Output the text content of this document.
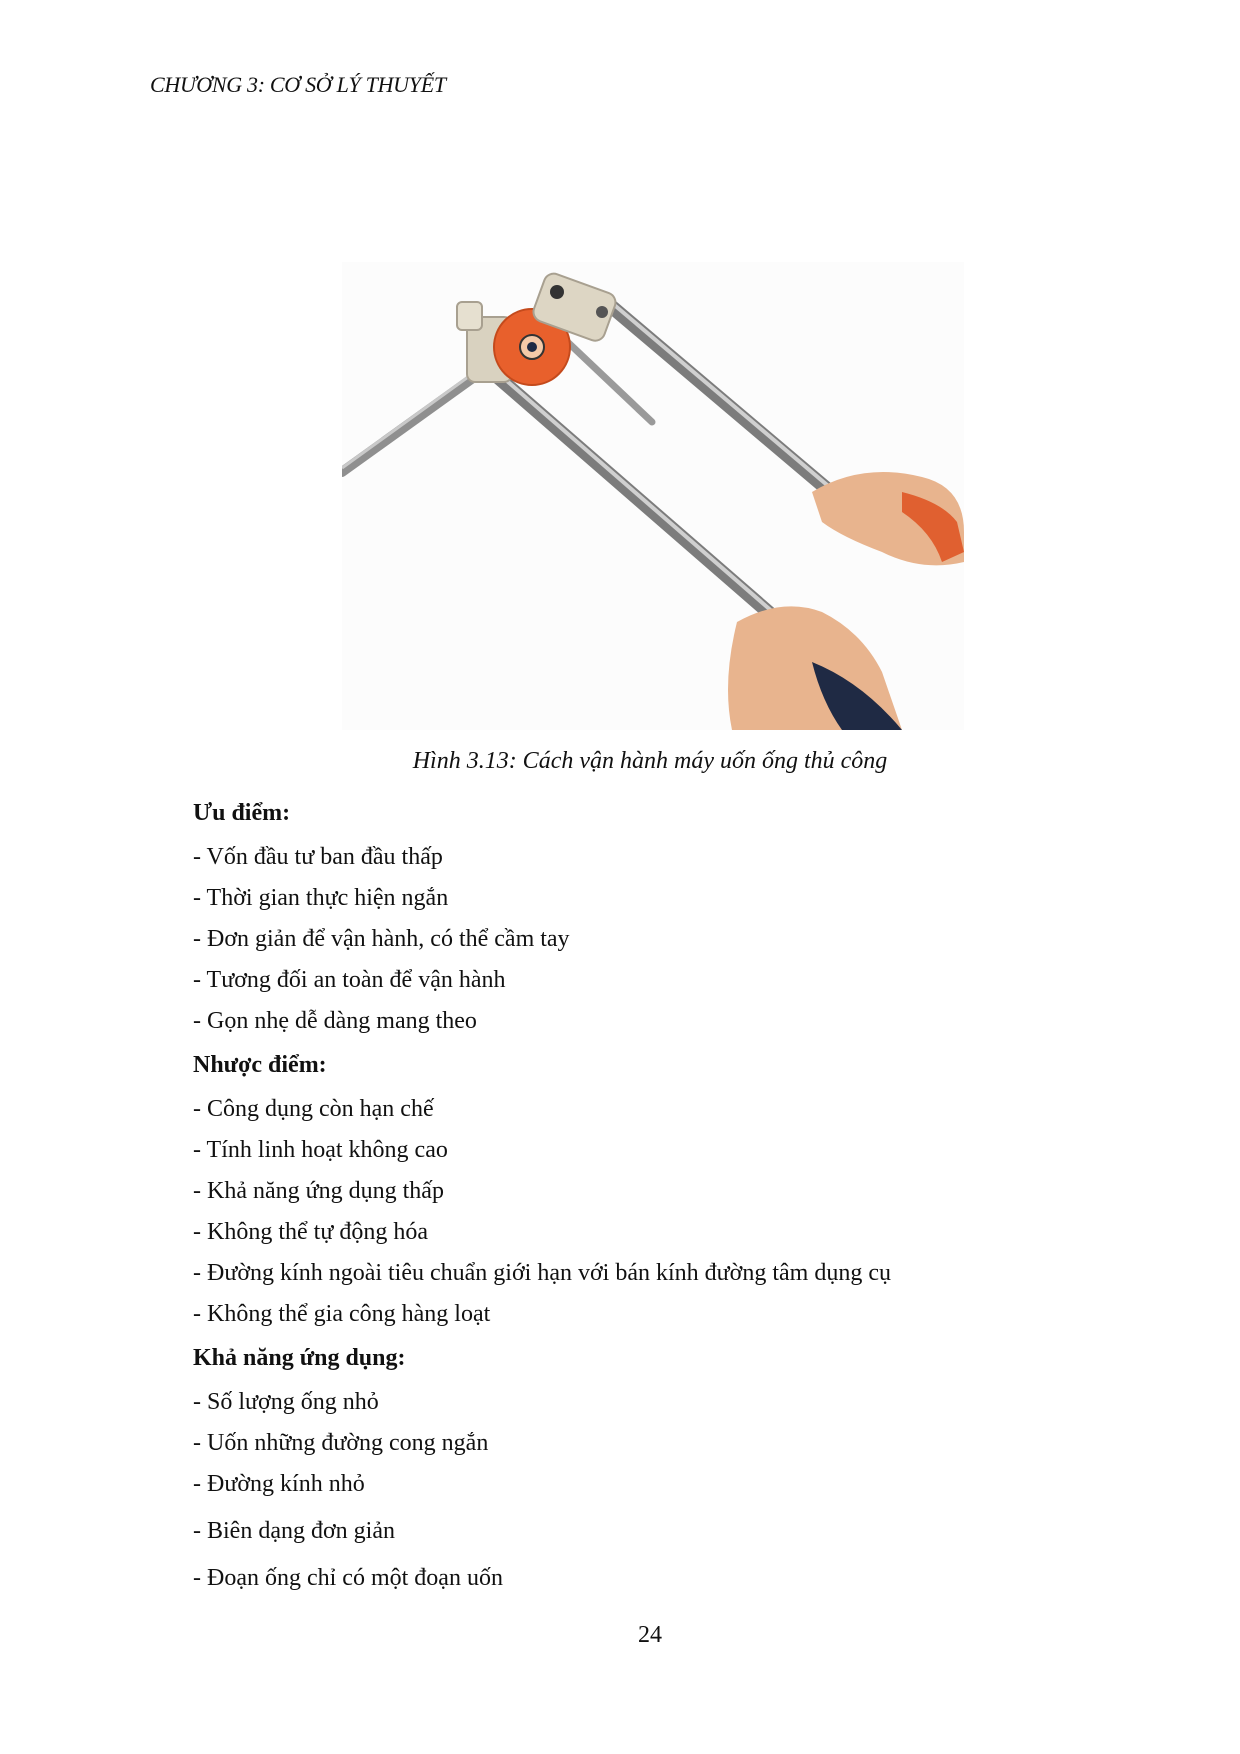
CHƯƠNG 3: CƠ SỞ LÝ THUYẾT
Hình 3.13: Cách vận hành máy uốn ống thủ công
Ưu điểm:
- Vốn đầu tư ban đầu thấp
- Thời gian thực hiện ngắn
- Đơn giản để vận hành, có thể cầm tay
- Tương đối an toàn để vận hành
- Gọn nhẹ dễ dàng mang theo
Nhược điểm:
- Công dụng còn hạn chế
- Tính linh hoạt không cao
- Khả năng ứng dụng thấp
- Không thể tự động hóa
- Đường kính ngoài tiêu chuẩn giới hạn với bán kính đường tâm dụng cụ
- Không thể gia công hàng loạt
Khả năng ứng dụng:
- Số lượng ống nhỏ
- Uốn những đường cong ngắn
- Đường kính nhỏ
- Biên dạng đơn giản
- Đoạn ống chỉ có một đoạn uốn
24
